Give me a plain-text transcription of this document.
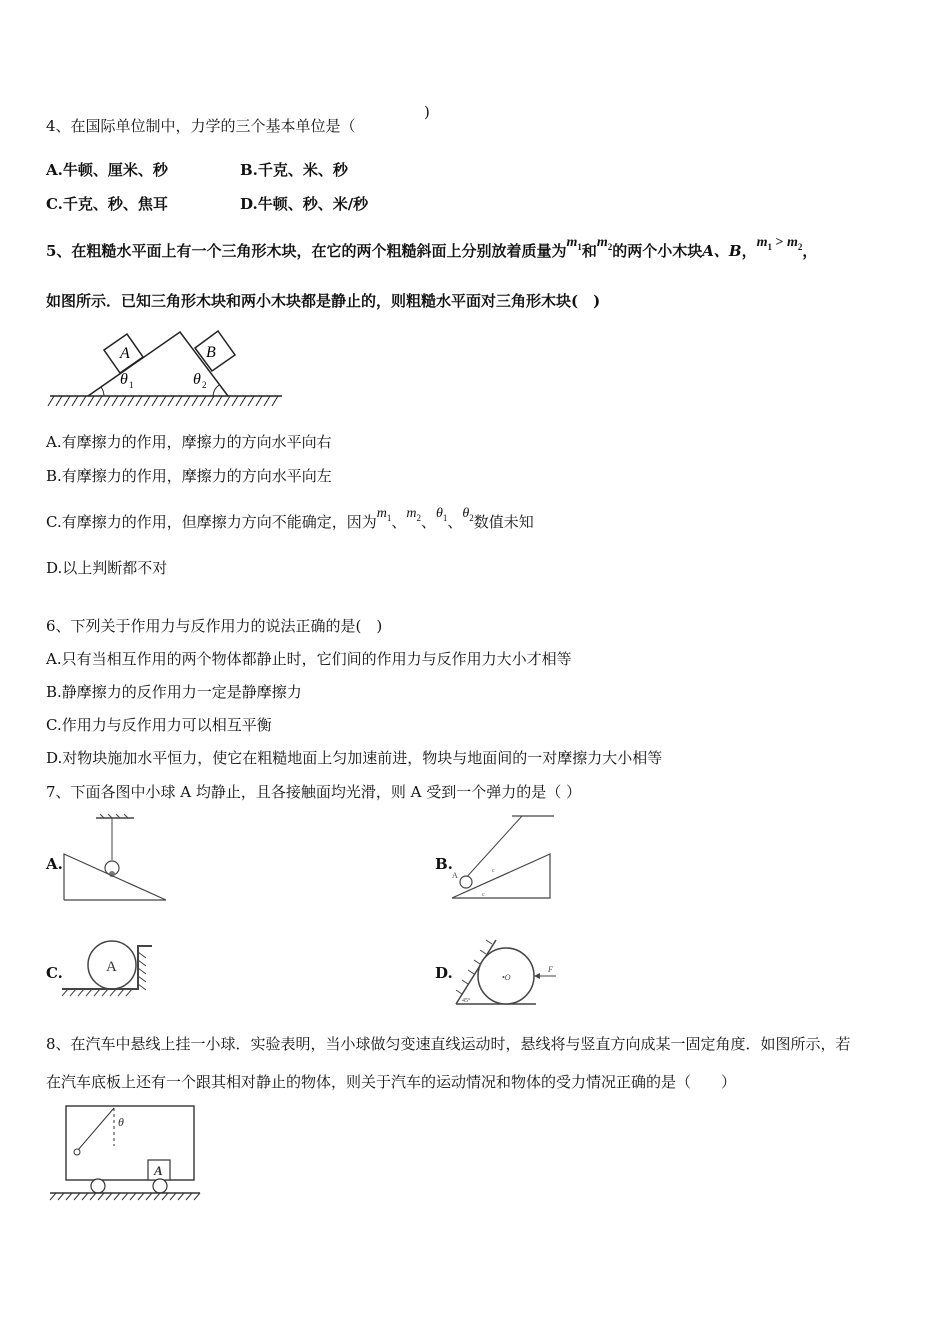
4、在国际单位制中，力学的三个基本单位是（
)
A.牛顿、厘米、秒	B.千克、米、秒
C.千克、秒、焦耳	D.牛顿、秒、米/秒
5、在粗糙水平面上有一个三角形木块，在它的两个粗糙斜面上分别放着质量为$m_1$和$m_2$的两个小木块A、B，$m_1 > m_2$，
如图所示．已知三角形木块和两小木块都是静止的，则粗糙水平面对三角形木块(　)
A	B
θ 1	θ 2
A.有摩擦力的作用，摩擦力的方向水平向右
B.有摩擦力的作用，摩擦力的方向水平向左
C.有摩擦力的作用，但摩擦力方向不能确定，因为$m_1$、$m_2$、$\theta_1$、$\theta_2$数值未知
D.以上判断都不对
6、下列关于作用力与反作用力的说法正确的是(　)
A.只有当相互作用的两个物体都静止时，它们间的作用力与反作用力大小才相等
B.静摩擦力的反作用力一定是静摩擦力
C.作用力与反作用力可以相互平衡
D.对物块施加水平恒力，使它在粗糙地面上匀加速前进，物块与地面间的一对摩擦力大小相等
7、下面各图中小球 A 均静止，且各接触面均光滑，则 A 受到一个弹力的是（ ）
A.	B.
A	c
c
C.	A	D.	•O
F
45°
8、在汽车中悬线上挂一小球．实验表明，当小球做匀变速直线运动时，悬线将与竖直方向成某一固定角度．如图所示，若
在汽车底板上还有一个跟其相对静止的物体，则关于汽车的运动情况和物体的受力情况正确的是（　　）
θ
A
